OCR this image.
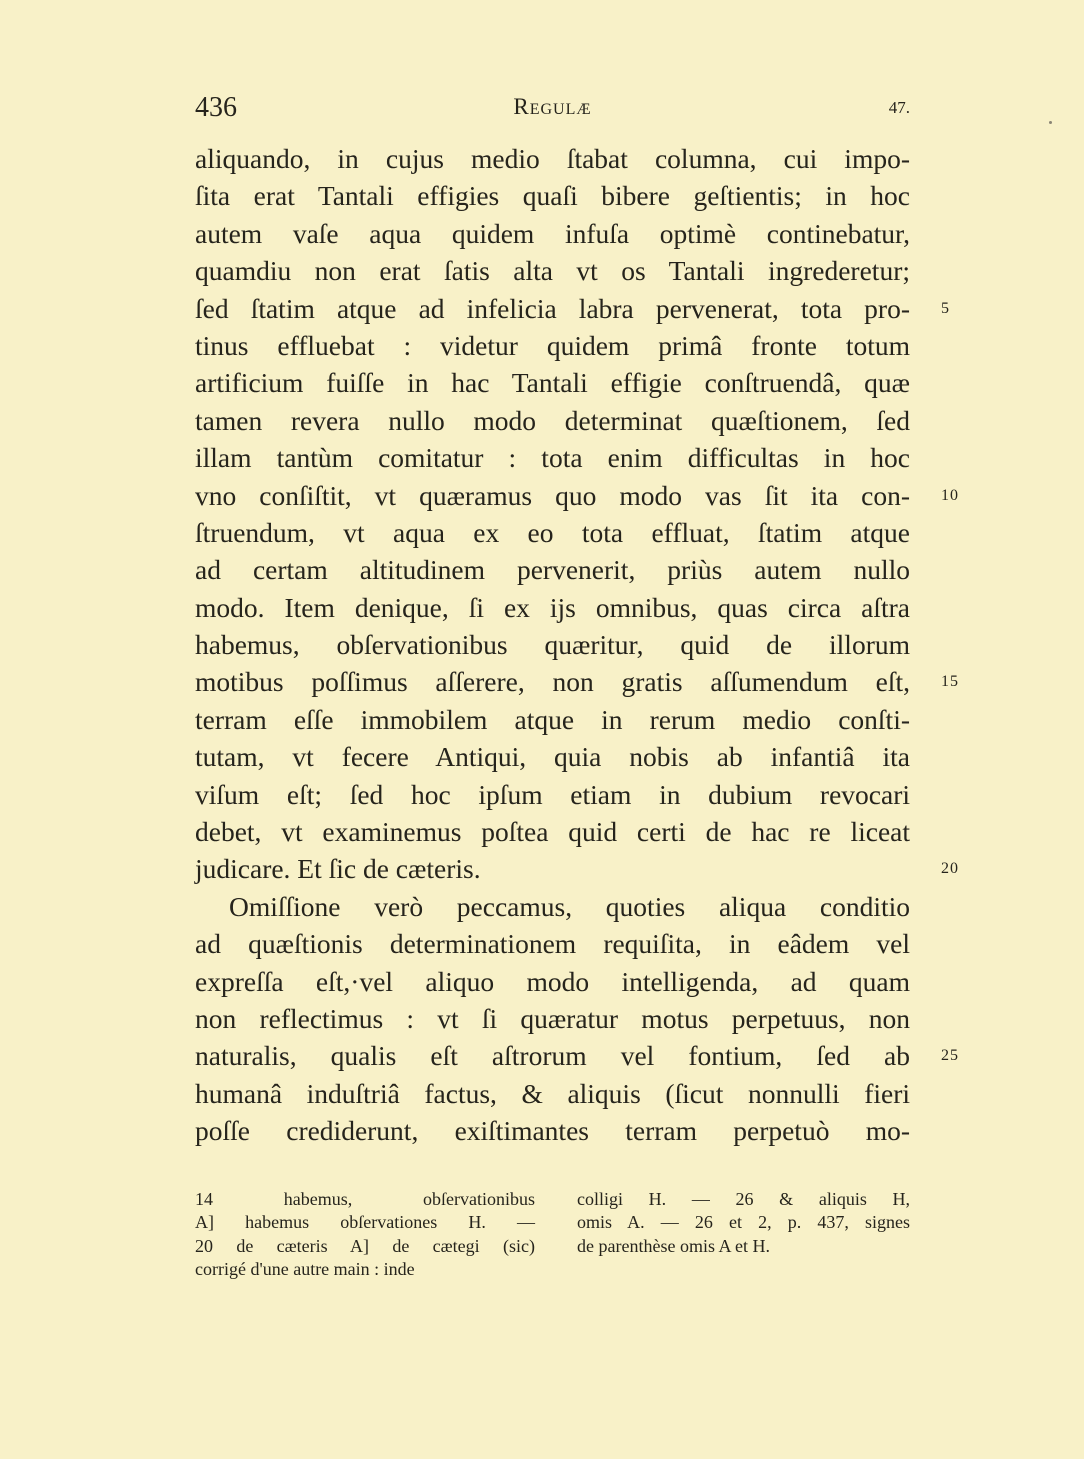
436	Regulæ	47.
aliquando, in cujus medio ſtabat columna, cui impo-
ſita erat Tantali effigies quaſi bibere geſtientis; in hoc
autem vaſe aqua quidem infuſa optimè continebatur,
quamdiu non erat ſatis alta vt os Tantali ingrederetur;
ſed ſtatim atque ad infelicia labra pervenerat, tota pro- 5
tinus effluebat : videtur quidem primâ fronte totum
artificium fuiſſe in hac Tantali effigie conſtruendâ, quæ
tamen revera nullo modo determinat quæſtionem, ſed
illam tantùm comitatur : tota enim difficultas in hoc
vno conſiſtit, vt quæramus quo modo vas ſit ita con- 10
ſtruendum, vt aqua ex eo tota effluat, ſtatim atque
ad certam altitudinem pervenerit, priùs autem nullo
modo. Item denique, ſi ex ijs omnibus, quas circa aſtra
habemus, obſervationibus quæritur, quid de illorum
motibus poſſimus aſſerere, non gratis aſſumendum eſt, 15
terram eſſe immobilem atque in rerum medio conſti-
tutam, vt fecere Antiqui, quia nobis ab infantiâ ita
viſum eſt; ſed hoc ipſum etiam in dubium revocari
debet, vt examinemus poſtea quid certi de hac re liceat
judicare. Et ſic de cæteris.	20
Omiſſione verò peccamus, quoties aliqua conditio
ad quæſtionis determinationem requiſita, in eâdem vel
expreſſa eſt,·vel aliquo modo intelligenda, ad quam
non reflectimus : vt ſi quæratur motus perpetuus, non
naturalis, qualis eſt aſtrorum vel fontium, ſed ab 25
humanâ induſtriâ factus, & aliquis (ſicut nonnulli fieri
poſſe crediderunt, exiſtimantes terram perpetuò mo-
14 habemus, obſervationibus
A] habemus obſervationes H. —
20 de cæteris A] de cætegi (sic)
corrigé d'une autre main : inde
colligi H. — 26 & aliquis H,
omis A. — 26 et 2, p. 437, signes
de parenthèse omis A et H.
